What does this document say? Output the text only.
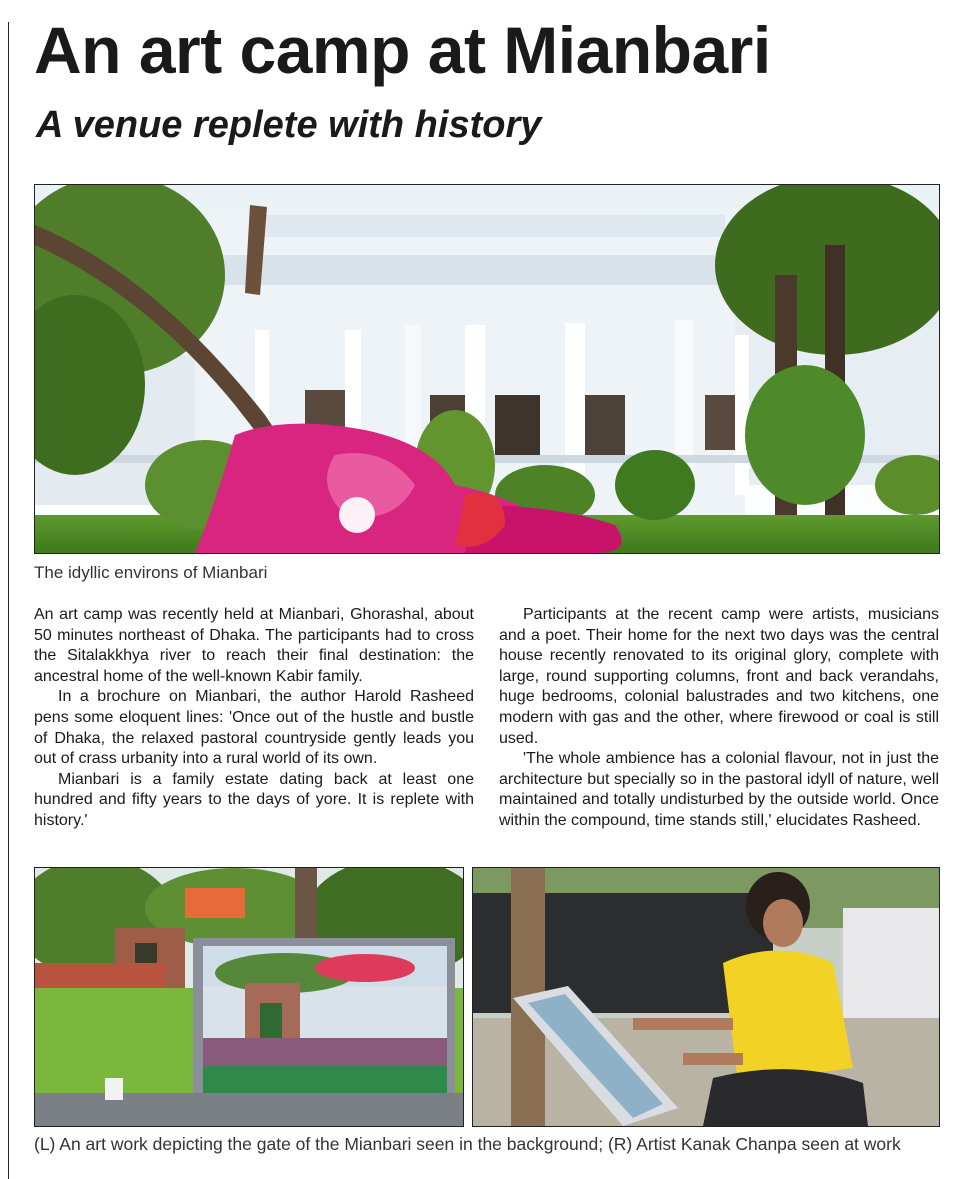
An art camp at Mianbari
A venue replete with history
The idyllic environs of Mianbari

An art camp was recently held at Mianbari, Ghorashal, about 50 minutes northeast of Dhaka. The participants had to cross the Sitalakkhya river to reach their final destination: the ancestral home of the well-known Kabir family.

In a brochure on Mianbari, the author Harold Rasheed pens some eloquent lines: 'Once out of the hustle and bustle of Dhaka, the relaxed pastoral countryside gently leads you out of crass urbanity into a rural world of its own.

Mianbari is a family estate dating back at least one hundred and fifty years to the days of yore. It is replete with history.'

Participants at the recent camp were artists, musicians and a poet. Their home for the next two days was the central house recently renovated to its original glory, complete with large, round supporting columns, front and back verandahs, huge bedrooms, colonial balustrades and two kitchens, one modern with gas and the other, where firewood or coal is still used.

'The whole ambience has a colonial flavour, not in just the architecture but specially so in the pastoral idyll of nature, well maintained and totally undisturbed by the outside world. Once within the compound, time stands still,' elucidates Rasheed.

(L) An art work depicting the gate of the Mianbari seen in the background; (R) Artist Kanak Chanpa seen at work
